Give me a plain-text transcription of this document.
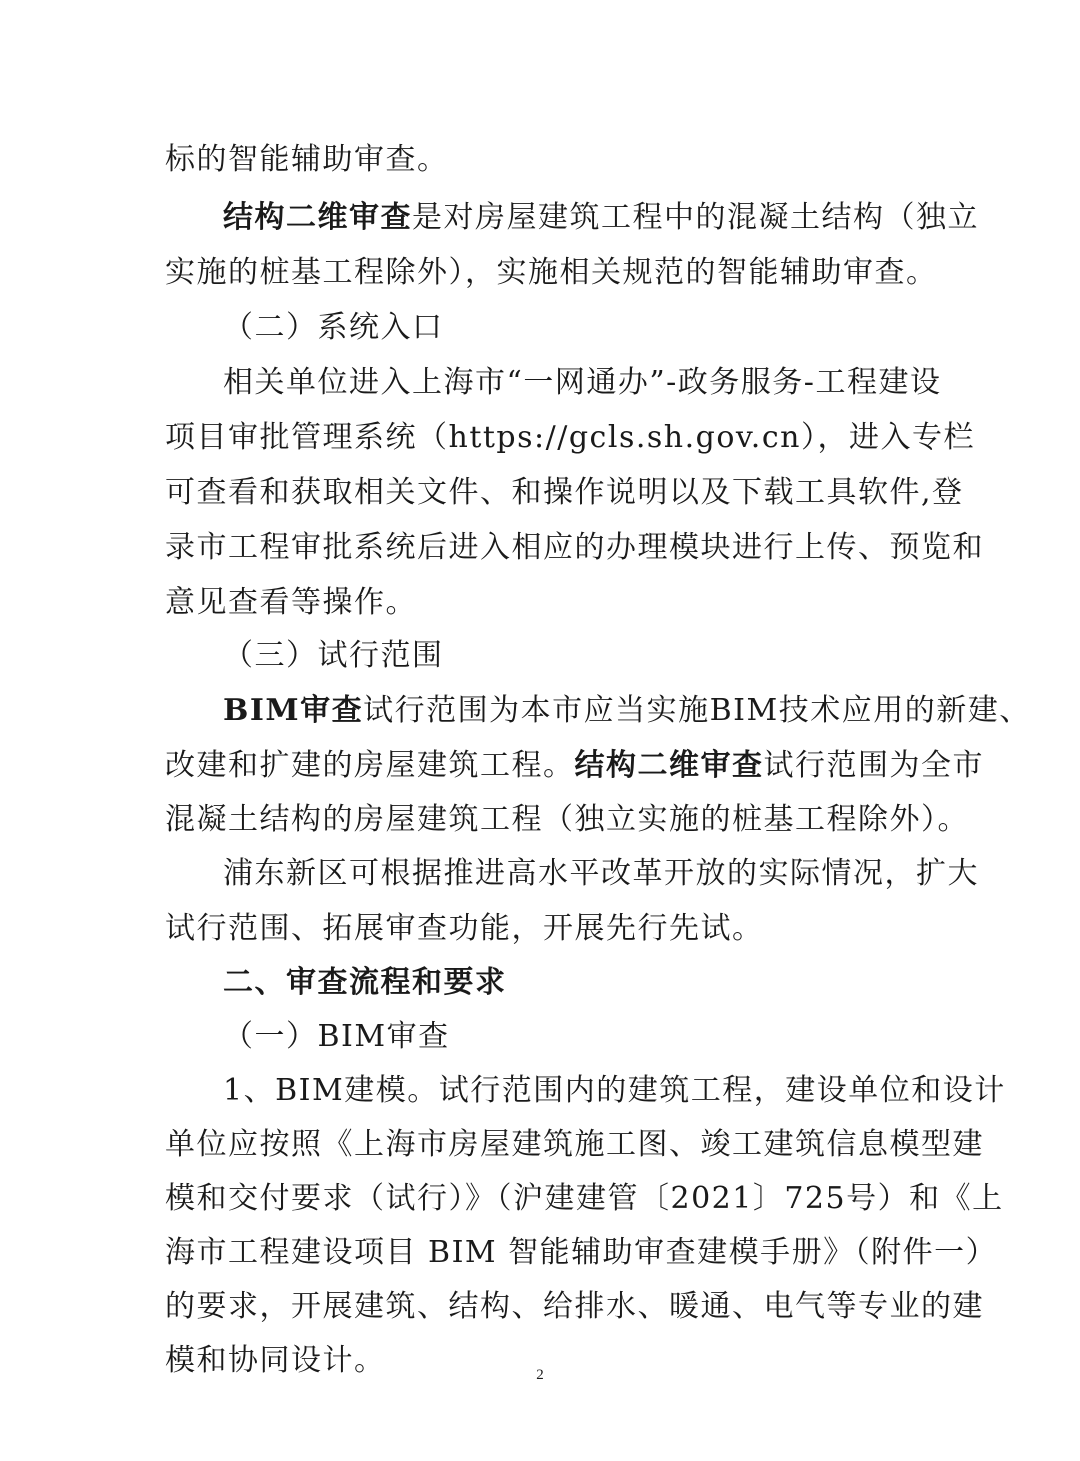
标的智能辅助审查。
结构二维审查是对房屋建筑工程中的混凝土结构（独立
实施的桩基工程除外），实施相关规范的智能辅助审查。
（二）系统入口
相关单位进入上海市“一网通办”-政务服务-工程建设
项目审批管理系统（https://gcls.sh.gov.cn），进入专栏
可查看和获取相关文件、和操作说明以及下载工具软件,登
录市工程审批系统后进入相应的办理模块进行上传、预览和
意见查看等操作。
（三）试行范围
BIM审查试行范围为本市应当实施BIM技术应用的新建、
改建和扩建的房屋建筑工程。结构二维审查试行范围为全市
混凝土结构的房屋建筑工程（独立实施的桩基工程除外）。
浦东新区可根据推进高水平改革开放的实际情况，扩大
试行范围、拓展审查功能，开展先行先试。
二、审查流程和要求
（一）BIM审查
1、BIM建模。试行范围内的建筑工程，建设单位和设计
单位应按照《上海市房屋建筑施工图、竣工建筑信息模型建
模和交付要求（试行）》（沪建建管〔2021〕725号）和《上
海市工程建设项目 BIM 智能辅助审查建模手册》（附件一）
的要求，开展建筑、结构、给排水、暖通、电气等专业的建
模和协同设计。	2
